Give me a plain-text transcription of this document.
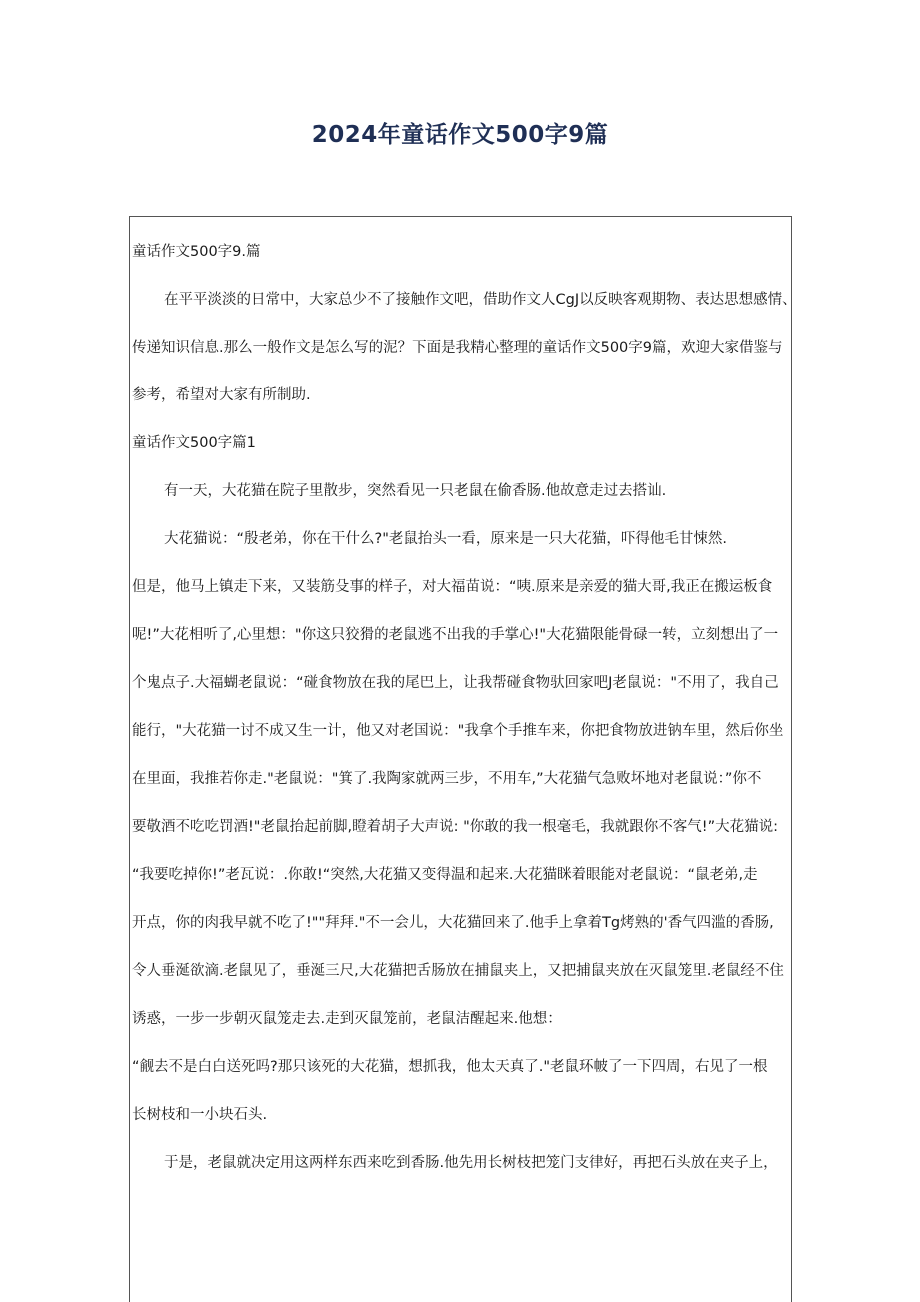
2024年童话作文500字9篇
童话作文500字9.篇
在平平淡淡的日常中，大家总少不了接触作文吧，借助作文人CgJ以反映客观期物、表达思想感情、
传递知识信息.那么一般作文是怎么写的泥？下面是我精心整理的童话作文500字9篇，欢迎大家借鉴与
参考，希望对大家有所制助.
童话作文500字篇1
有一天，大花猫在院子里散步，突然看见一只老鼠在偷香肠.他故意走过去搭讪.
大花猫说：“殷老弟，你在干什么?"老鼠抬头一看，原来是一只大花猫，吓得他毛甘悚然.
但是，他马上镇走下来，又装筋殳事的样子，对大福苗说：“咦.原来是亲爱的猫大哥,我正在搬运板食
呢!”大花相听了,心里想："你这只狡猾的老鼠逃不出我的手掌心!"大花猫限能骨碌一转，立刻想出了一
个鬼点子.大福蝴老鼠说：“碰食物放在我的尾巴上，让我帮碰食物驮回家吧J老鼠说："不用了，我自己
能行，"大花猫一讨不成又生一计，他又对老国说："我拿个手推车来，你把食物放进钠车里，然后你坐
在里面，我推若你走."老鼠说："箕了.我陶家就两三步，不用车,”大花猫气急败坏地对老鼠说：”你不
要敬酒不吃吃罚酒!"老鼠抬起前脚,瞪着胡子大声说: "你敢的我一根毫毛，我就跟你不客气!”大花猫说:
“我要吃掉你!”老瓦说：.你敢!“突然,大花猫又变得温和起来.大花猫眯着眼能对老鼠说：“鼠老弟,走
开点，你的肉我早就不吃了!""拜拜."不一会儿，大花猫回来了.他手上拿着Tg烤熟的'香气四滥的香肠,
令人垂涎欲滴.老鼠见了，垂涎三尺,大花猫把舌肠放在捕鼠夹上，又把捕鼠夹放在灭鼠笼里.老鼠经不住
诱惑，一步一步朝灭鼠笼走去.走到灭鼠笼前，老鼠洁醒起来.他想：
“觎去不是白白送死吗?那只该死的大花猫，想抓我，他太天真了."老鼠环帔了一下四周，右见了一根
长树枝和一小块石头.
于是，老鼠就决定用这两样东西来吃到香肠.他先用长树枝把笼门支律好，再把石头放在夹子上，
